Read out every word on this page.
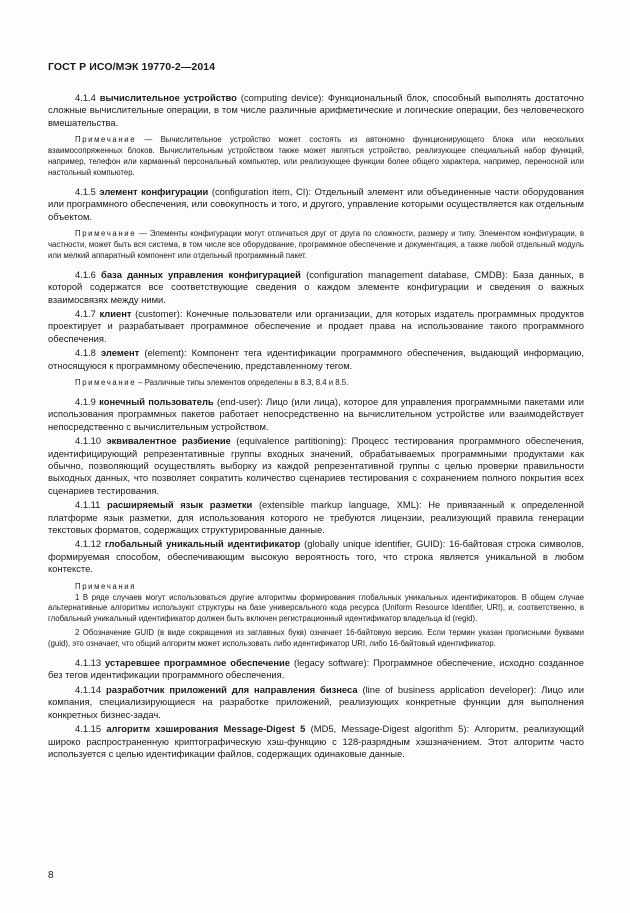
ГОСТ Р ИСО/МЭК 19770-2—2014

4.1.4 вычислительное устройство (computing device): Функциональный блок, способный выполнять достаточно сложные вычислительные операции, в том числе различные арифметические и логические операции, без человеческого вмешательства.

Примечание — Вычислительное устройство может состоять из автономно функционирующего блока или нескольких взаимосопряженных блоков. Вычислительным устройством также может являться устройство, реализующее специальный набор функций, например, телефон или карманный персональный компьютер, или реализующее функции более общего характера, например, переносной или настольный компьютер.

4.1.5 элемент конфигурации (configuration item, CI): Отдельный элемент или объединенные части оборудования или программного обеспечения, или совокупность и того, и другого, управление которыми осуществляется как отдельным объектом.

Примечание — Элементы конфигурации могут отличаться друг от друга по сложности, размеру и типу. Элементом конфигурации, в частности, может быть вся система, в том числе все оборудование, программное обеспечение и документация, а также любой отдельный модуль или мелкий аппаратный компонент или отдельный программный пакет.

4.1.6 база данных управления конфигурацией (configuration management database, CMDB): База данных, в которой содержатся все соответствующие сведения о каждом элементе конфигурации и сведения о важных взаимосвязях между ними.

4.1.7 клиент (customer): Конечные пользователи или организации, для которых издатель программных продуктов проектирует и разрабатывает программное обеспечение и продает права на использование такого программного обеспечения.

4.1.8 элемент (element): Компонент тега идентификации программного обеспечения, выдающий информацию, относящуюся к программному обеспечению, представленному тегом.

Примечание – Различные типы элементов определены в 8.3, 8.4 и 8.5.

4.1.9 конечный пользователь (end-user): Лицо (или лица), которое для управления программными пакетами или использования программных пакетов работает непосредственно на вычислительном устройстве или взаимодействует непосредственно с вычислительным устройством.

4.1.10 эквивалентное разбиение (equivalence partitioning): Процесс тестирования программного обеспечения, идентифицирующий репрезентативные группы входных значений, обрабатываемых программными продуктами как обычно, позволяющий осуществлять выборку из каждой репрезентативной группы с целью проверки правильности выходных данных, что позволяет сократить количество сценариев тестирования с сохранением полного покрытия всех сценариев тестирования.

4.1.11 расширяемый язык разметки (extensible markup language, XML): Не привязанный к определенной платформе язык разметки, для использования которого не требуются лицензии, реализующий правила генерации текстовых форматов, содержащих структурированные данные.

4.1.12 глобальный уникальный идентификатор (globally unique identifier, GUID): 16-байтовая строка символов, формируемая способом, обеспечивающим высокую вероятность того, что строка является уникальной в любом контексте.

Примечания

1 В ряде случаев могут использоваться другие алгоритмы формирования глобальных уникальных идентификаторов. В общем случае альтернативные алгоритмы используют структуры на базе универсального кода ресурса (Uniform Resource Identifier, URI), и, соответственно, в глобальный уникальный идентификатор должен быть включен регистрационный идентификатор владельца id (regid).

2 Обозначение GUID (в виде сокращения из заглавных букв) означает 16-байтовую версию. Если термин указан прописными буквами (guid), это означает, что общий алгоритм может использовать либо идентификатор URI, либо 16-байтовый идентификатор.

4.1.13 устаревшее программное обеспечение (legacy software): Программное обеспечение, исходно созданное без тегов идентификации программного обеспечения.

4.1.14 разработчик приложений для направления бизнеса (line of business application developer): Лицо или компания, специализирующиеся на разработке приложений, реализующих конкретные функции для выполнения конкретных бизнес-задач.

4.1.15 алгоритм хэширования Message-Digest 5 (MD5, Message-Digest algorithm 5): Алгоритм, реализующий широко распространенную криптографическую хэш-функцию с 128-разрядным хэшзначением. Этот алгоритм часто используется с целью идентификации файлов, содержащих одинаковые данные.

8
